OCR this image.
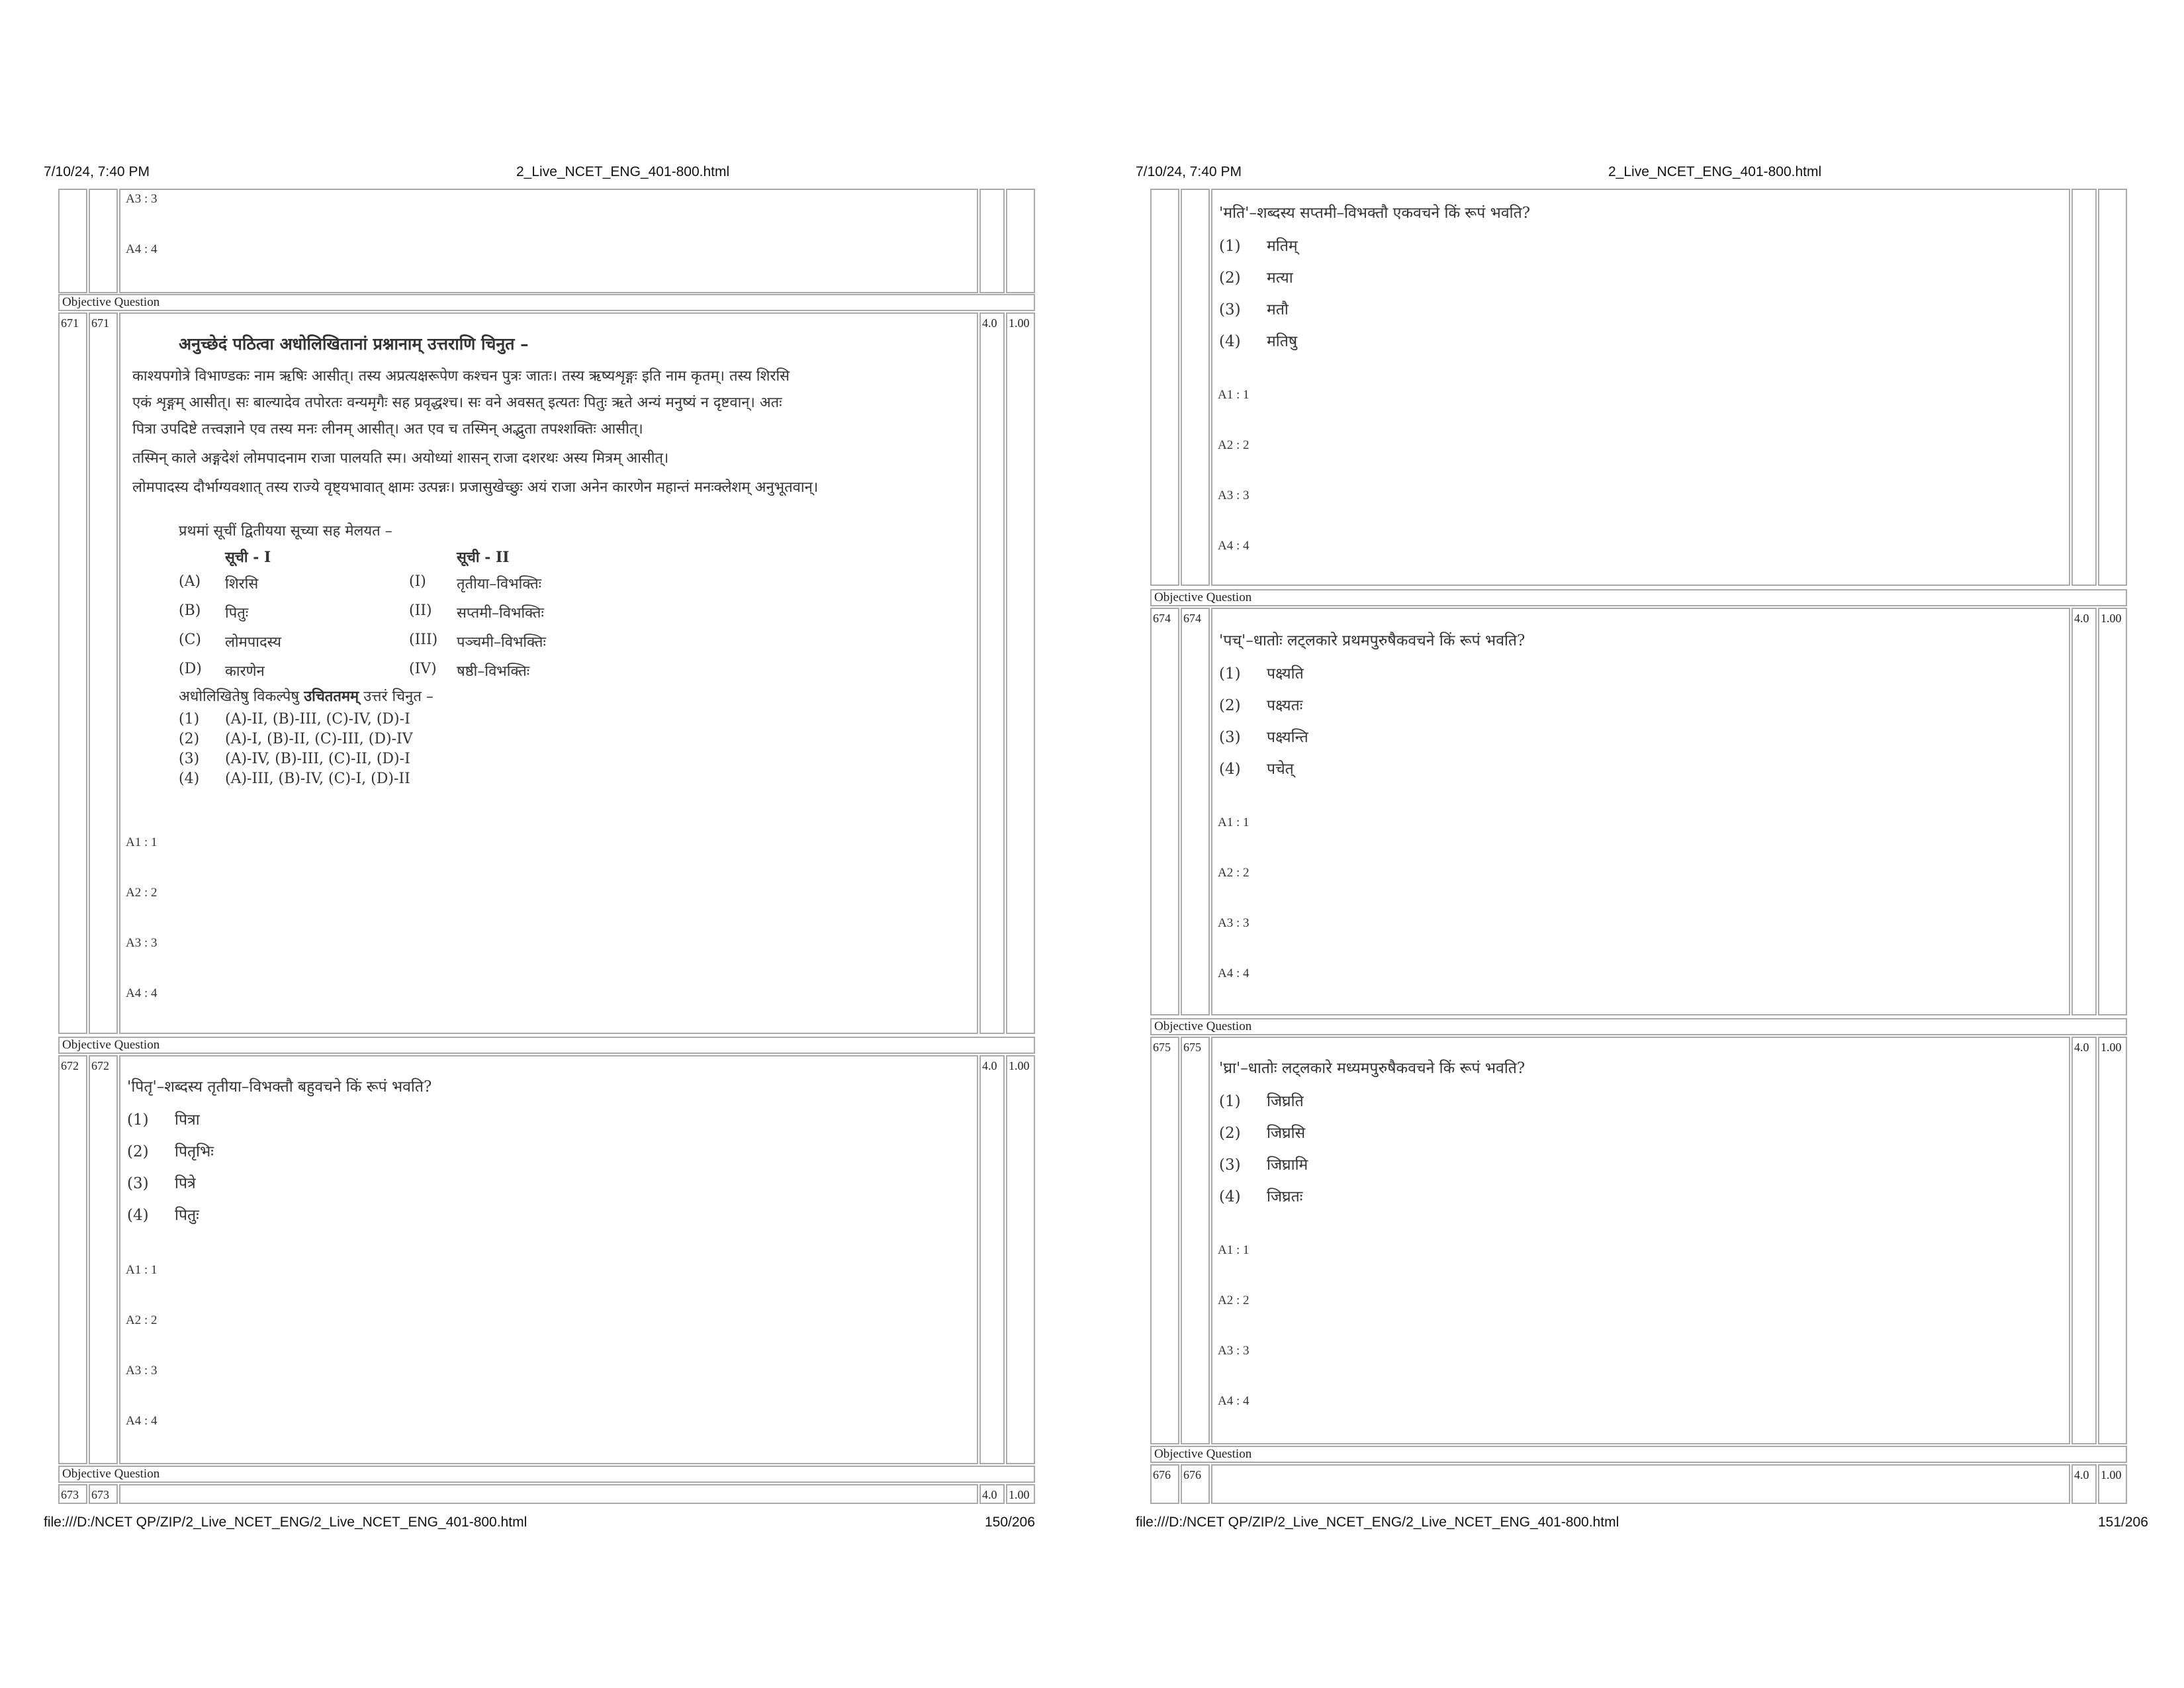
7/10/24, 7:40 PM	2_Live_NCET_ENG_401-800.html
A3 : 3
A4 : 4
Objective Question
671 671	4.0 1.00
अनुच्छेदं पठित्वा अधोलिखितानां प्रश्नानाम् उत्तराणि चिनुत –
काश्यपगोत्रे विभाण्डकः नाम ऋषिः आसीत्। तस्य अप्रत्यक्षरूपेण कश्चन पुत्रः जातः। तस्य ऋष्यशृङ्गः इति नाम कृतम्। तस्य शिरसि
एकं शृङ्गम् आसीत्। सः बाल्यादेव तपोरतः वन्यमृगैः सह प्रवृद्धश्च। सः वने अवसत् इत्यतः पितुः ऋते अन्यं मनुष्यं न दृष्टवान्। अतः
पित्रा उपदिष्टे तत्त्वज्ञाने एव तस्य मनः लीनम् आसीत्। अत एव च तस्मिन् अद्भुता तपश्शक्तिः आसीत्।
तस्मिन् काले अङ्गदेशं लोमपादनाम राजा पालयति स्म। अयोध्यां शासन् राजा दशरथः अस्य मित्रम् आसीत्।
लोमपादस्य दौर्भाग्यवशात् तस्य राज्ये वृष्ट्यभावात् क्षामः उत्पन्नः। प्रजासुखेच्छुः अयं राजा अनेन कारणेन महान्तं मनःक्लेशम् अनुभूतवान्।
प्रथमां सूचीं द्वितीयया सूच्या सह मेलयत –
सूची - I	सूची - II
(A) शिरसि	(I) तृतीया–विभक्तिः
(B) पितुः	(II) सप्तमी–विभक्तिः
(C) लोमपादस्य	(III) पञ्चमी–विभक्तिः
(D) कारणेन	(IV) षष्ठी–विभक्तिः
अधोलिखितेषु विकल्पेषु उचिततमम् उत्तरं चिनुत –
(1) (A)-II, (B)-III, (C)-IV, (D)-I
(2) (A)-I, (B)-II, (C)-III, (D)-IV
(3) (A)-IV, (B)-III, (C)-II, (D)-I
(4) (A)-III, (B)-IV, (C)-I, (D)-II
A1 : 1
A2 : 2
A3 : 3
A4 : 4
Objective Question
672 672	4.0 1.00
'पितृ'–शब्दस्य तृतीया–विभक्तौ बहुवचने किं रूपं भवति?
(1) पित्रा
(2) पितृभिः
(3) पित्रे
(4) पितुः
A1 : 1
A2 : 2
A3 : 3
A4 : 4
Objective Question
673 673	4.0 1.00
file:///D:/NCET QP/ZIP/2_Live_NCET_ENG/2_Live_NCET_ENG_401-800.html	150/206
7/10/24, 7:40 PM	2_Live_NCET_ENG_401-800.html
'मति'–शब्दस्य सप्तमी–विभक्तौ एकवचने किं रूपं भवति?
(1) मतिम्
(2) मत्या
(3) मतौ
(4) मतिषु
A1 : 1
A2 : 2
A3 : 3
A4 : 4
Objective Question
674 674	4.0 1.00
'पच्'–धातोः लट्लकारे प्रथमपुरुषैकवचने किं रूपं भवति?
(1) पक्ष्यति
(2) पक्ष्यतः
(3) पक्ष्यन्ति
(4) पचेत्
A1 : 1
A2 : 2
A3 : 3
A4 : 4
Objective Question
675 675	4.0 1.00
'घ्रा'–धातोः लट्लकारे मध्यमपुरुषैकवचने किं रूपं भवति?
(1) जिघ्रति
(2) जिघ्रसि
(3) जिघ्रामि
(4) जिघ्रतः
A1 : 1
A2 : 2
A3 : 3
A4 : 4
Objective Question
676 676	4.0 1.00
file:///D:/NCET QP/ZIP/2_Live_NCET_ENG/2_Live_NCET_ENG_401-800.html	151/206
